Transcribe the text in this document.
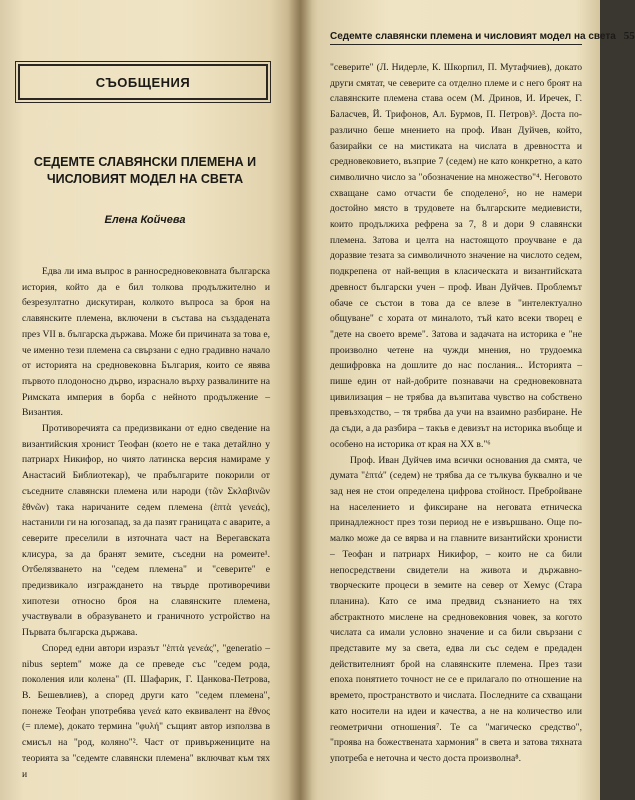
СЪОБЩЕНИЯ
СЕДЕМТЕ СЛАВЯНСКИ ПЛЕМЕНА И
ЧИСЛОВИЯТ МОДЕЛ НА СВЕТА
Елена Койчева

Едва ли има въпрос в ранносредновековната българска история, който да е бил толкова продължително и безрезултатно дискутиран, колкото въпроса за броя на славянските племена, включени в състава на създадената през VII в. българска държава. Може би причината за това е, че именно тези племена са свързани с едно градивно начало от историята на средновековна България, които се явява първото плодоносно дърво, израснало върху развалините на Римската империя в борба с нейното продължение – Византия.

Противоречията са предизвикани от едно сведение на византийския хронист Теофан (което не е така детайлно у патриарх Никифор, но чиято латинска версия намираме у Анастасий Библиотекар), че прабългарите покорили от съседните славянски племена или народи (τῶν Σκλαβινῶν ἔθνῶν) така наричаните седем племена (ἑπτὰ γενεάς), настанили ги на югозапад, за да пазят границата с аварите, а северите преселили в източната част на Верегавската клисура, за да бранят земите, съседни на ромеите¹. Отбелязването на "седем племена" и "северите" е предизвикало изграждането на твърде противоречиви хипотези относно броя на славянските племена, участвували в образуването и граничното устройство на Първата българска държава.

Според едни автори изразът "ἑπτὰ γενεάς", "generatio – nibus septem" може да се преведе със "седем рода, поколения или колена" (П. Шафарик, Г. Цанкова-Петрова, В. Бешевлиев), а според други като "седем племена", понеже Теофан употребява γενεά като еквивалент на ἔθνος (= племе), докато термина "φυλή" същият автор използва в смисъл на "род, коляно"². Част от привържениците на теорията за "седемте славянски племена" включват към тях и

Седемте славянски племена и числовият модел на света 55

"северите" (Л. Нидерле, К. Шкорпил, П. Мутафчиев), докато други смятат, че северите са отделно племе и с него броят на славянските племена става осем (М. Дринов, И. Иречек, Г. Баласчев, Й. Трифонов, Ал. Бурмов, П. Петров)³. Доста по-различно беше мнението на проф. Иван Дуйчев, който, базирайки се на мистиката на числата в древността и средновековието, възприе 7 (седем) не като конкретно, а като символично число за "обозначение на множество"⁴. Неговото схващане само отчасти бе споделено⁵, но не намери достойно място в трудовете на българските медиевисти, които продължиха рефрена за 7, 8 и дори 9 славянски племена. Затова и целта на настоящото проучване е да доразвие тезата за символичното значение на числото седем, подкрепена от най-вещия в класическата и византийската древност български учен – проф. Иван Дуйчев. Проблемът обаче се състои в това да се влезе в "интелектуално общуване" с хората от миналото, тъй като всеки творец е "дете на своето време". Затова и задачата на историка е "не произволно четене на чужди мнения, но трудоемка дешифровка на дошлите до нас послания... Историята – пише един от най-добрите познавачи на средновековната цивилизация – не трябва да възпитава чувство на собствено превъзходство, – тя трябва да учи на взаимно разбиране. Не да съди, а да разбира – такъв е девизът на историка въобще и особено на историка от края на XX в."⁶

Проф. Иван Дуйчев има всички основания да смята, че думата "ἑπτά" (седем) не трябва да се тълкува буквално и че зад нея не стои определена цифрова стойност. Пребройване на населението и фиксиране на неговата етническа принадлежност през този период не е извършвано. Още по-малко може да се вярва и на главните византийски хронисти – Теофан и патриарх Никифор, – които не са били непосредствени свидетели на живота и държавно-творческите процеси в земите на север от Хемус (Стара планина). Като се има предвид съзнанието на тях абстрактното мислене на средновековния човек, за когото числата са имали условно значение и са били свързани с представите му за света, едва ли със седем е предаден действителният брой на славянските племена. През тази епоха понятието точност не се е прилагало по отношение на времето, пространството и числата. Последните са схващани като носители на идеи и качества, а не на количество или геометрични отношения⁷. Те са "магическо средство", "проява на божествената хармония" в света и затова тяхната употреба е неточна и често доста произволна⁸.
